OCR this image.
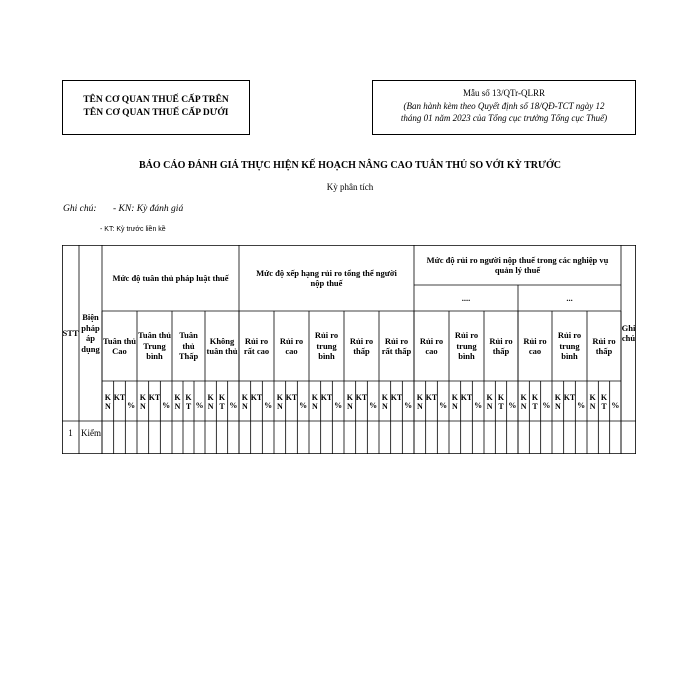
TÊN CƠ QUAN THUẾ CẤP TRÊN
TÊN CƠ QUAN THUẾ CẤP DƯỚI
Mẫu số 13/QTr-QLRR
(Ban hành kèm theo Quyết định số 18/QĐ-TCT ngày 12
tháng 01 năm 2023 của Tổng cục trưởng Tổng cục Thuế)
BÁO CÁO ĐÁNH GIÁ THỰC HIỆN KẾ HOẠCH NÂNG CAO TUÂN THỦ SO VỚI KỲ TRƯỚC
Kỳ phân tích
Ghi chú: - KN: Kỳ đánh giá
- KT: Kỳ trước liền kề
STT
Biện pháp áp dụng
Mức độ tuân thủ pháp luật thuế
Mức độ xếp hạng rủi ro tổng thể người nộp thuế
Mức độ rủi ro người nộp thuế trong các nghiệp vụ quản lý thuế
Ghi chú
....	...
Tuân thủ Cao
Tuân thủ Trung bình
Tuân thủ Thấp
Không tuân thủ
Rủi ro rất cao
Rủi ro cao
Rủi ro trung bình
Rủi ro thấp
Rủi ro rất thấp
Rủi ro cao
Rủi ro trung bình
Rủi ro thấp
Rủi ro cao
Rủi ro trung bình
Rủi ro thấp
KN
KT
%
KN
KT
%
KN
KT %
KN
KT %
KN
KT
%
KN
KT
%
KN
KT
%
KN
KT
%
KN
KT
%
KN
KT
%
KN
KT
%
KN
KT %
KN
KT %
KN
KT
%
KN
KT %
1 Kiểm
